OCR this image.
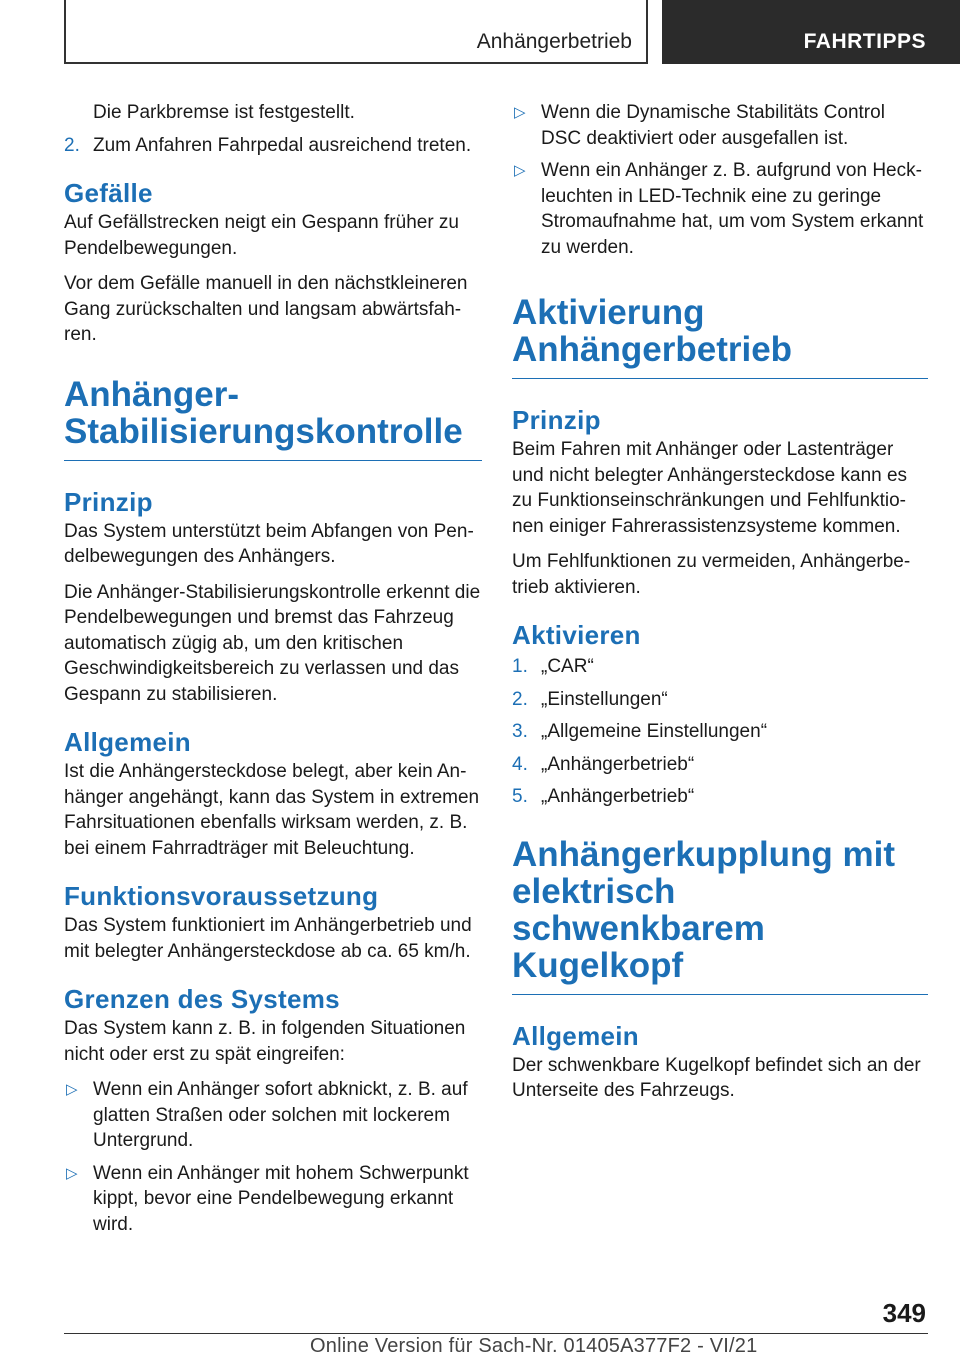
Anhängerbetrieb	FAHRTIPPS
Die Parkbremse ist festgestellt.
2. Zum Anfahren Fahrpedal ausreichend treten.
Gefälle

Auf Gefällstrecken neigt ein Gespann früher zu Pendelbewegungen.

Vor dem Gefälle manuell in den nächstkleineren Gang zurückschalten und langsam abwärtsfahren.

Anhänger-
Stabilisierungskontrolle
Prinzip

Das System unterstützt beim Abfangen von Pendelbewegungen des Anhängers.

Die Anhänger-Stabilisierungskontrolle erkennt die Pendelbewegungen und bremst das Fahrzeug automatisch zügig ab, um den kritischen Geschwindigkeitsbereich zu verlassen und das Gespann zu stabilisieren.

Allgemein

Ist die Anhängersteckdose belegt, aber kein Anhänger angehängt, kann das System in extremen Fahrsituationen ebenfalls wirksam werden, z. B. bei einem Fahrradträger mit Beleuchtung.

Funktionsvoraussetzung

Das System funktioniert im Anhängerbetrieb und mit belegter Anhängersteckdose ab ca. 65 km/h.

Grenzen des Systems

Das System kann z. B. in folgenden Situationen nicht oder erst zu spät eingreifen:

▷ Wenn ein Anhänger sofort abknickt, z. B. auf glatten Straßen oder solchen mit lockerem Untergrund.
▷ Wenn ein Anhänger mit hohem Schwerpunkt kippt, bevor eine Pendelbewegung erkannt wird.
▷ Wenn die Dynamische Stabilitäts Control DSC deaktiviert oder ausgefallen ist.
▷ Wenn ein Anhänger z. B. aufgrund von Heckleuchten in LED-Technik eine zu geringe Stromaufnahme hat, um vom System erkannt zu werden.
Aktivierung
Anhängerbetrieb
Prinzip

Beim Fahren mit Anhänger oder Lastenträger und nicht belegter Anhängersteckdose kann es zu Funktionseinschränkungen und Fehlfunktionen einiger Fahrerassistenzsysteme kommen.

Um Fehlfunktionen zu vermeiden, Anhängerbetrieb aktivieren.

Aktivieren
1. „CAR“
2. „Einstellungen“
3. „Allgemeine Einstellungen“
4. „Anhängerbetrieb“
5. „Anhängerbetrieb“
Anhängerkupplung mit
elektrisch schwenkbarem
Kugelkopf
Allgemein

Der schwenkbare Kugelkopf befindet sich an der Unterseite des Fahrzeugs.

349
Online Version für Sach-Nr. 01405A377F2 - VI/21
